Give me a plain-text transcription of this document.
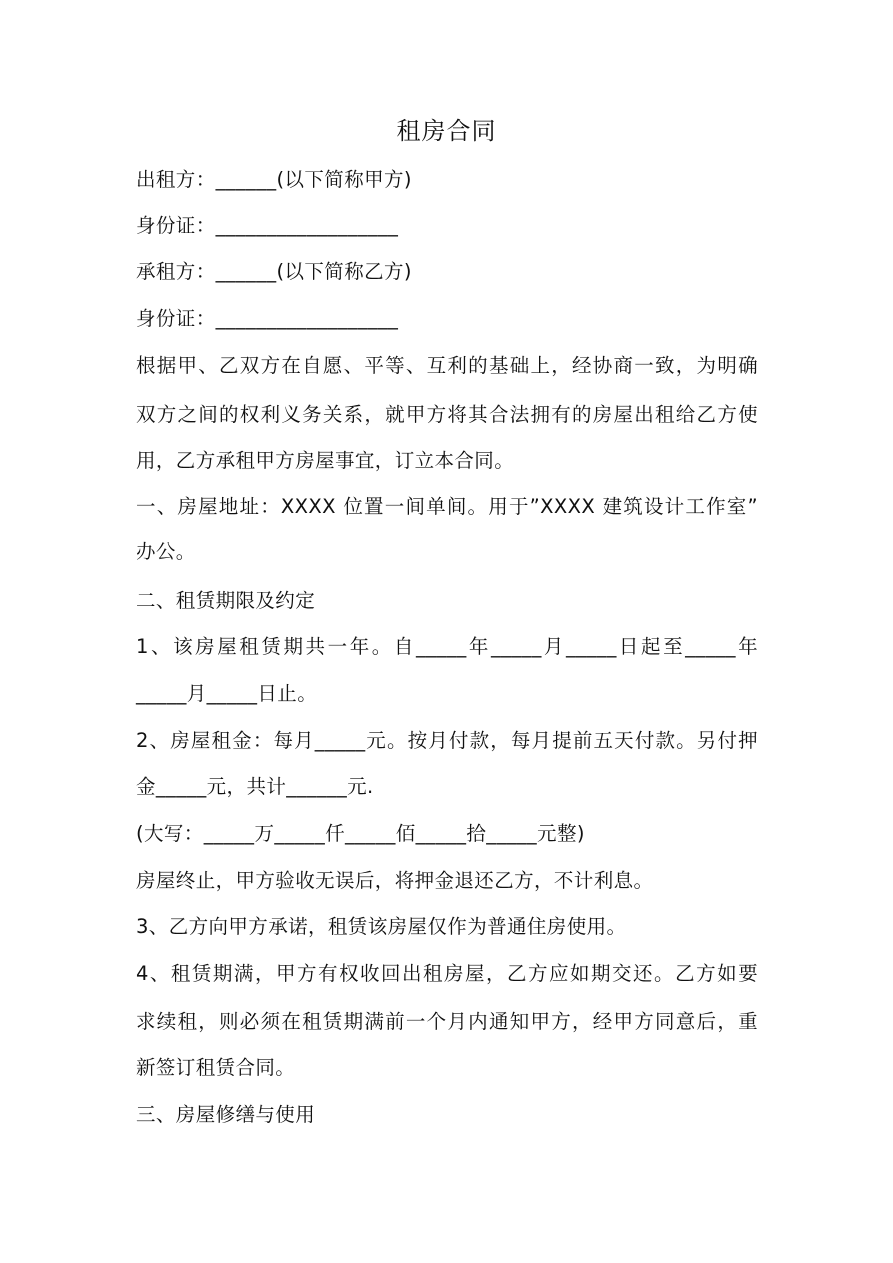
租房合同
出租方：______(以下简称甲方)
身份证：__________________
承租方：______(以下简称乙方)
身份证：__________________
根据甲、乙双方在自愿、平等、互利的基础上，经协商一致，为明确
双方之间的权利义务关系，就甲方将其合法拥有的房屋出租给乙方使
用，乙方承租甲方房屋事宜，订立本合同。
一、房屋地址：XXXX 位置一间单间。用于”XXXX 建筑设计工作室”
办公。
二、租赁期限及约定
1、该房屋租赁期共一年。自_____年_____月_____日起至_____年
_____月_____日止。
2、房屋租金：每月_____元。按月付款，每月提前五天付款。另付押
金_____元，共计______元.
(大写：_____万_____仟_____佰_____拾_____元整)
房屋终止，甲方验收无误后，将押金退还乙方，不计利息。
3、乙方向甲方承诺，租赁该房屋仅作为普通住房使用。
4、租赁期满，甲方有权收回出租房屋，乙方应如期交还。乙方如要
求续租，则必须在租赁期满前一个月内通知甲方，经甲方同意后，重
新签订租赁合同。
三、房屋修缮与使用
